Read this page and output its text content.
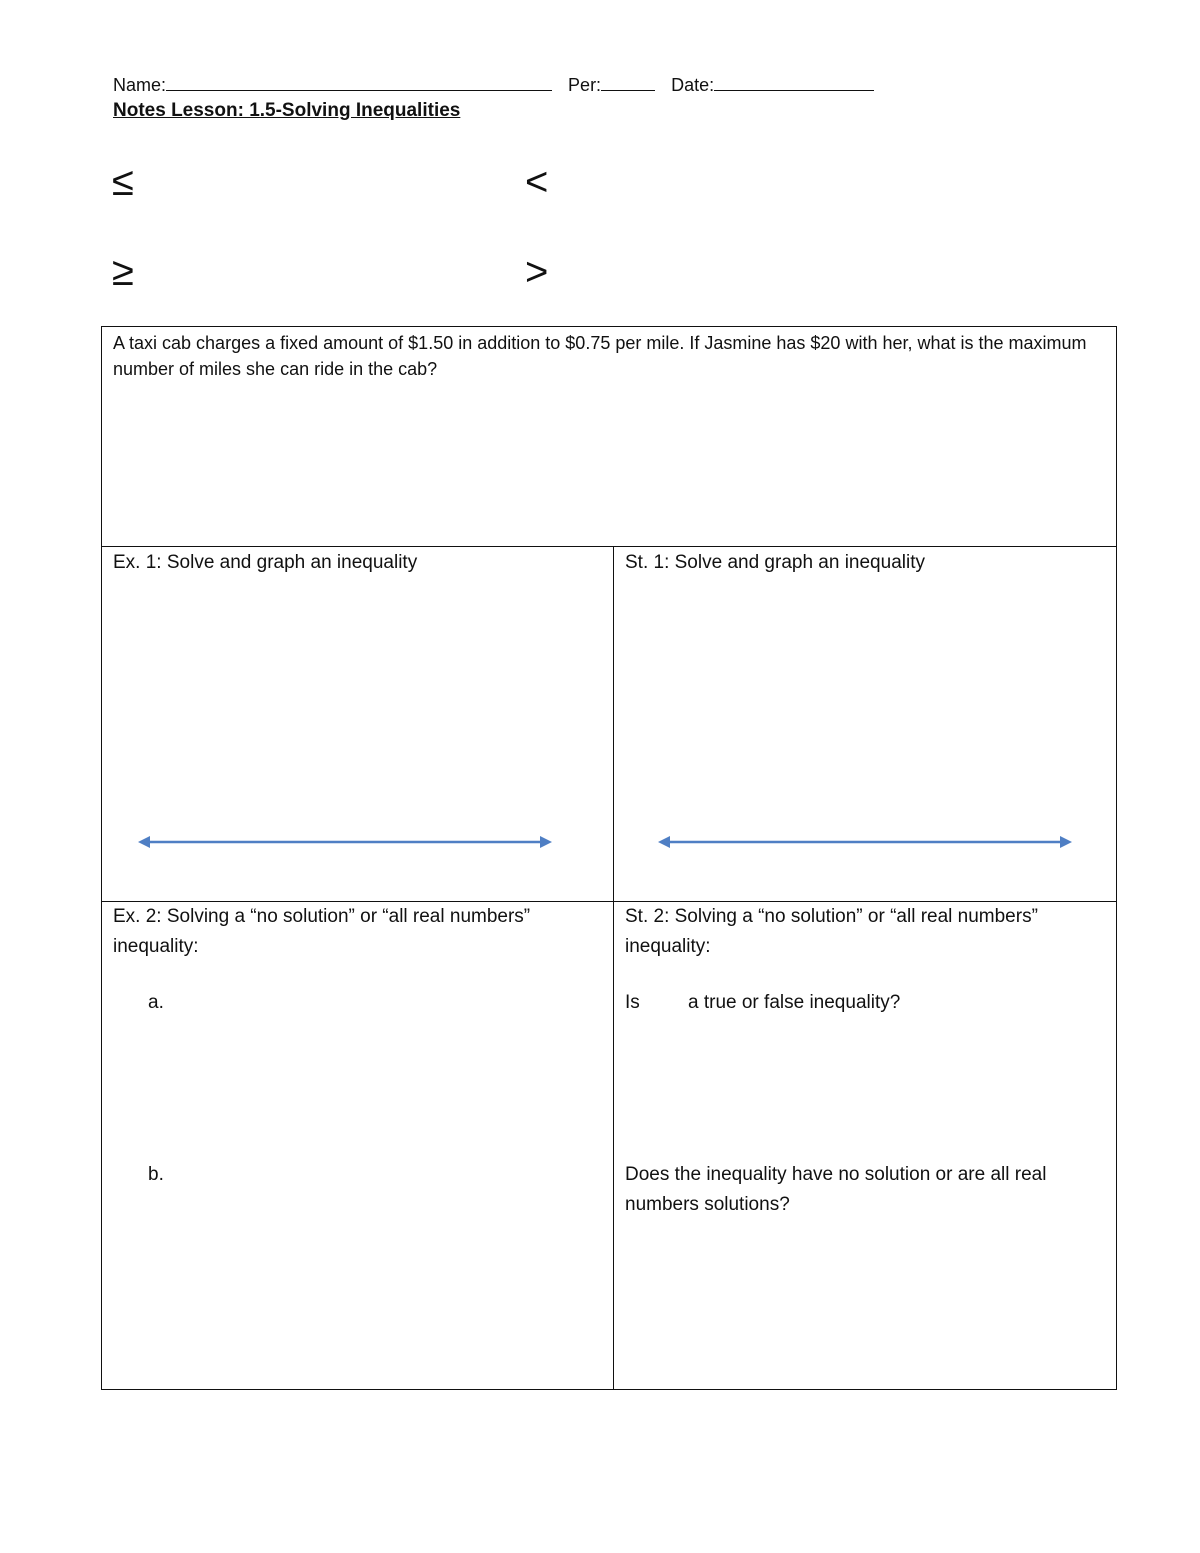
Name:	Per:	Date:
Notes Lesson: 1.5-Solving Inequalities
≤	<
≥	>
A taxi cab charges a fixed amount of $1.50 in addition to $0.75 per mile. If Jasmine has $20 with her, what is the maximum number of miles she can ride in the cab?
Ex. 1: Solve and graph an inequality	St. 1: Solve and graph an inequality
Ex. 2: Solving a “no solution” or “all real numbers” inequality:
a.
b.
St. 2: Solving a “no solution” or “all real numbers” inequality:
Is	a true or false inequality?
Does the inequality have no solution or are all real numbers solutions?
